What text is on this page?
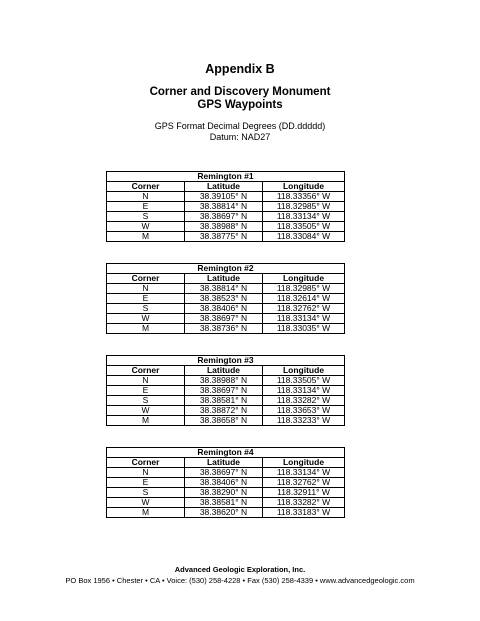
Appendix B
Corner and Discovery Monument
GPS Waypoints
GPS Format Decimal Degrees (DD.ddddd)
Datum: NAD27
Remington #1		
Corner	Latitude	Longitude
N	38.39105° N	118.33356° W
E	38.38814° N	118.32985° W
S	38.38697° N	118.33134° W
W	38.38988° N	118.33505° W
M	38.38775° N	118.33084° W
Remington #2		
Corner	Latitude	Longitude
N	38.38814° N	118.32985° W
E	38.38523° N	118.32614° W
S	38.38406° N	118.32762° W
W	38.38697° N	118.33134° W
M	38.38736° N	118.33035° W
Remington #3		
Corner	Latitude	Longitude
N	38.38988° N	118.33505° W
E	38.38697° N	118.33134° W
S	38.38581° N	118.33282° W
W	38.38872° N	118.33653° W
M	38.38658° N	118.33233° W
Remington #4		
Corner	Latitude	Longitude
N	38.38697° N	118.33134° W
E	38.38406° N	118.32762° W
S	38.38290° N	118.32911° W
W	38.38581° N	118.33282° W
M	38.38620° N	118.33183° W
Advanced Geologic Exploration, Inc.
PO Box 1956 • Chester • CA • Voice: (530) 258-4228 • Fax (530) 258-4339 • www.advancedgeologic.com
